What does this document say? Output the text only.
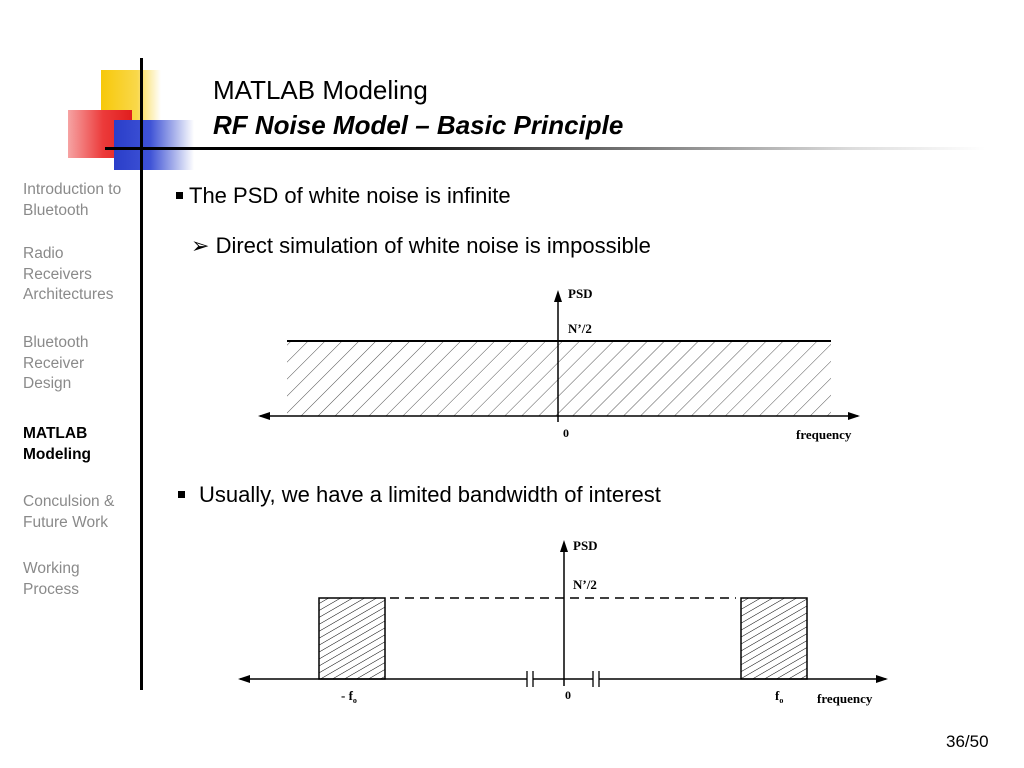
MATLAB Modeling
RF Noise Model – Basic Principle
Introduction to Bluetooth
Radio Receivers Architectures
Bluetooth Receiver Design
MATLAB Modeling
Conculsion & Future Work
Working Process
The PSD of white noise is infinite
➢ Direct simulation of white noise is impossible
Usually, we have a limited bandwidth of interest
PSD
N’/2
0	frequency
PSD
N’/2
0
- $f_o$	$f_o$	frequency
36/50
